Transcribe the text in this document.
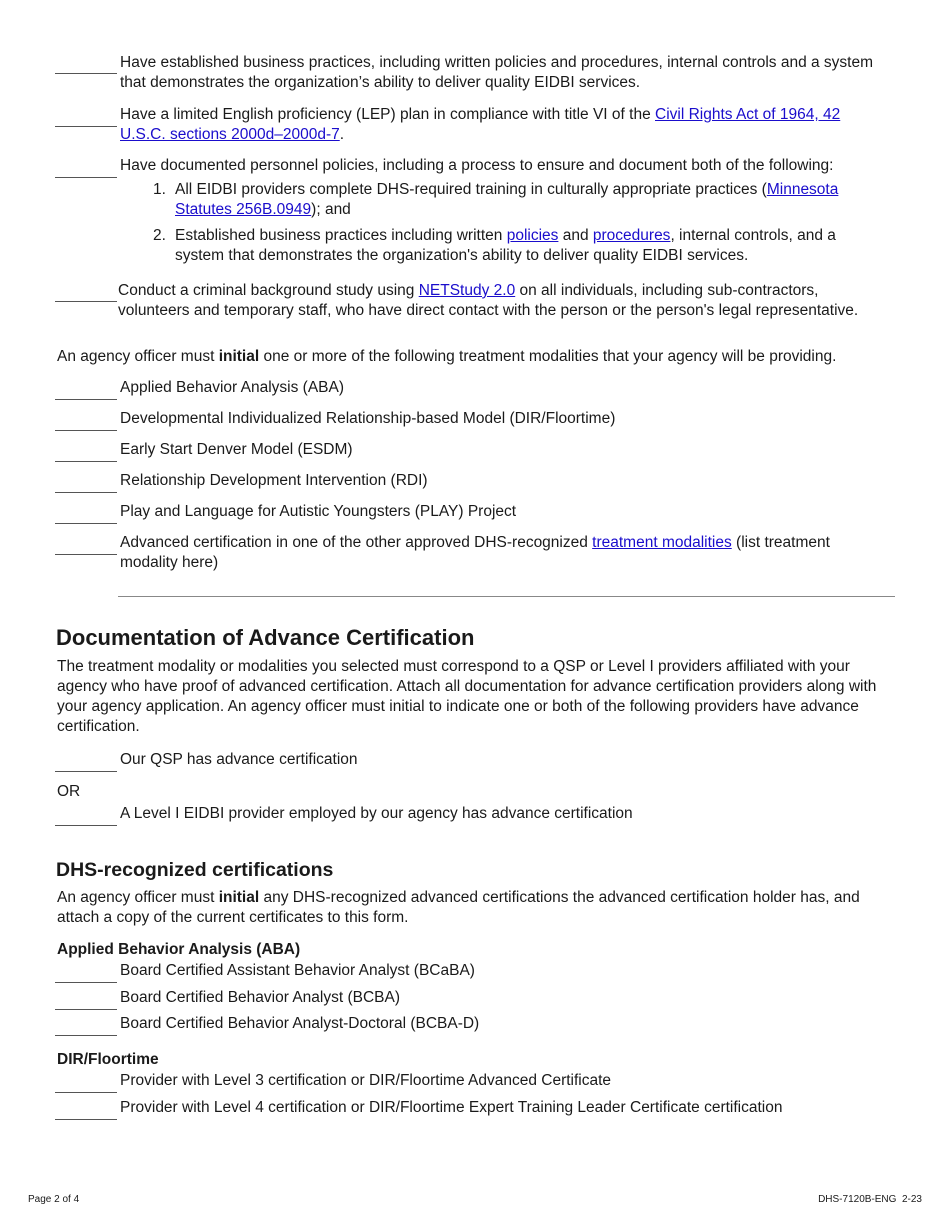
Have established business practices, including written policies and procedures, internal controls and a system that demonstrates the organization’s ability to deliver quality EIDBI services.
Have a limited English proficiency (LEP) plan in compliance with title VI of the Civil Rights Act of 1964, 42 U.S.C. sections 2000d–2000d-7.
Have documented personnel policies, including a process to ensure and document both of the following:
1. All EIDBI providers complete DHS-required training in culturally appropriate practices (Minnesota Statutes 256B.0949); and
2. Established business practices including written policies and procedures, internal controls, and a system that demonstrates the organization's ability to deliver quality EIDBI services.
Conduct a criminal background study using NETStudy 2.0 on all individuals, including sub-contractors, volunteers and temporary staff, who have direct contact with the person or the person's legal representative.
An agency officer must initial one or more of the following treatment modalities that your agency will be providing.
Applied Behavior Analysis (ABA)
Developmental Individualized Relationship-based Model (DIR/Floortime)
Early Start Denver Model (ESDM)
Relationship Development Intervention (RDI)
Play and Language for Autistic Youngsters (PLAY) Project
Advanced certification in one of the other approved DHS-recognized treatment modalities (list treatment modality here)
Documentation of Advance Certification
The treatment modality or modalities you selected must correspond to a QSP or Level I providers affiliated with your agency who have proof of advanced certification. Attach all documentation for advance certification providers along with your agency application. An agency officer must initial to indicate one or both of the following providers have advance certification.
Our QSP has advance certification
OR
A Level I EIDBI provider employed by our agency has advance certification
DHS-recognized certifications
An agency officer must initial any DHS-recognized advanced certifications the advanced certification holder has, and attach a copy of the current certificates to this form.
Applied Behavior Analysis (ABA)
Board Certified Assistant Behavior Analyst (BCaBA)
Board Certified Behavior Analyst (BCBA)
Board Certified Behavior Analyst-Doctoral (BCBA-D)
DIR/Floortime
Provider with Level 3 certification or DIR/Floortime Advanced Certificate
Provider with Level 4 certification or DIR/Floortime Expert Training Leader Certificate certification
Page 2 of 4	DHS-7120B-ENG  2-23
